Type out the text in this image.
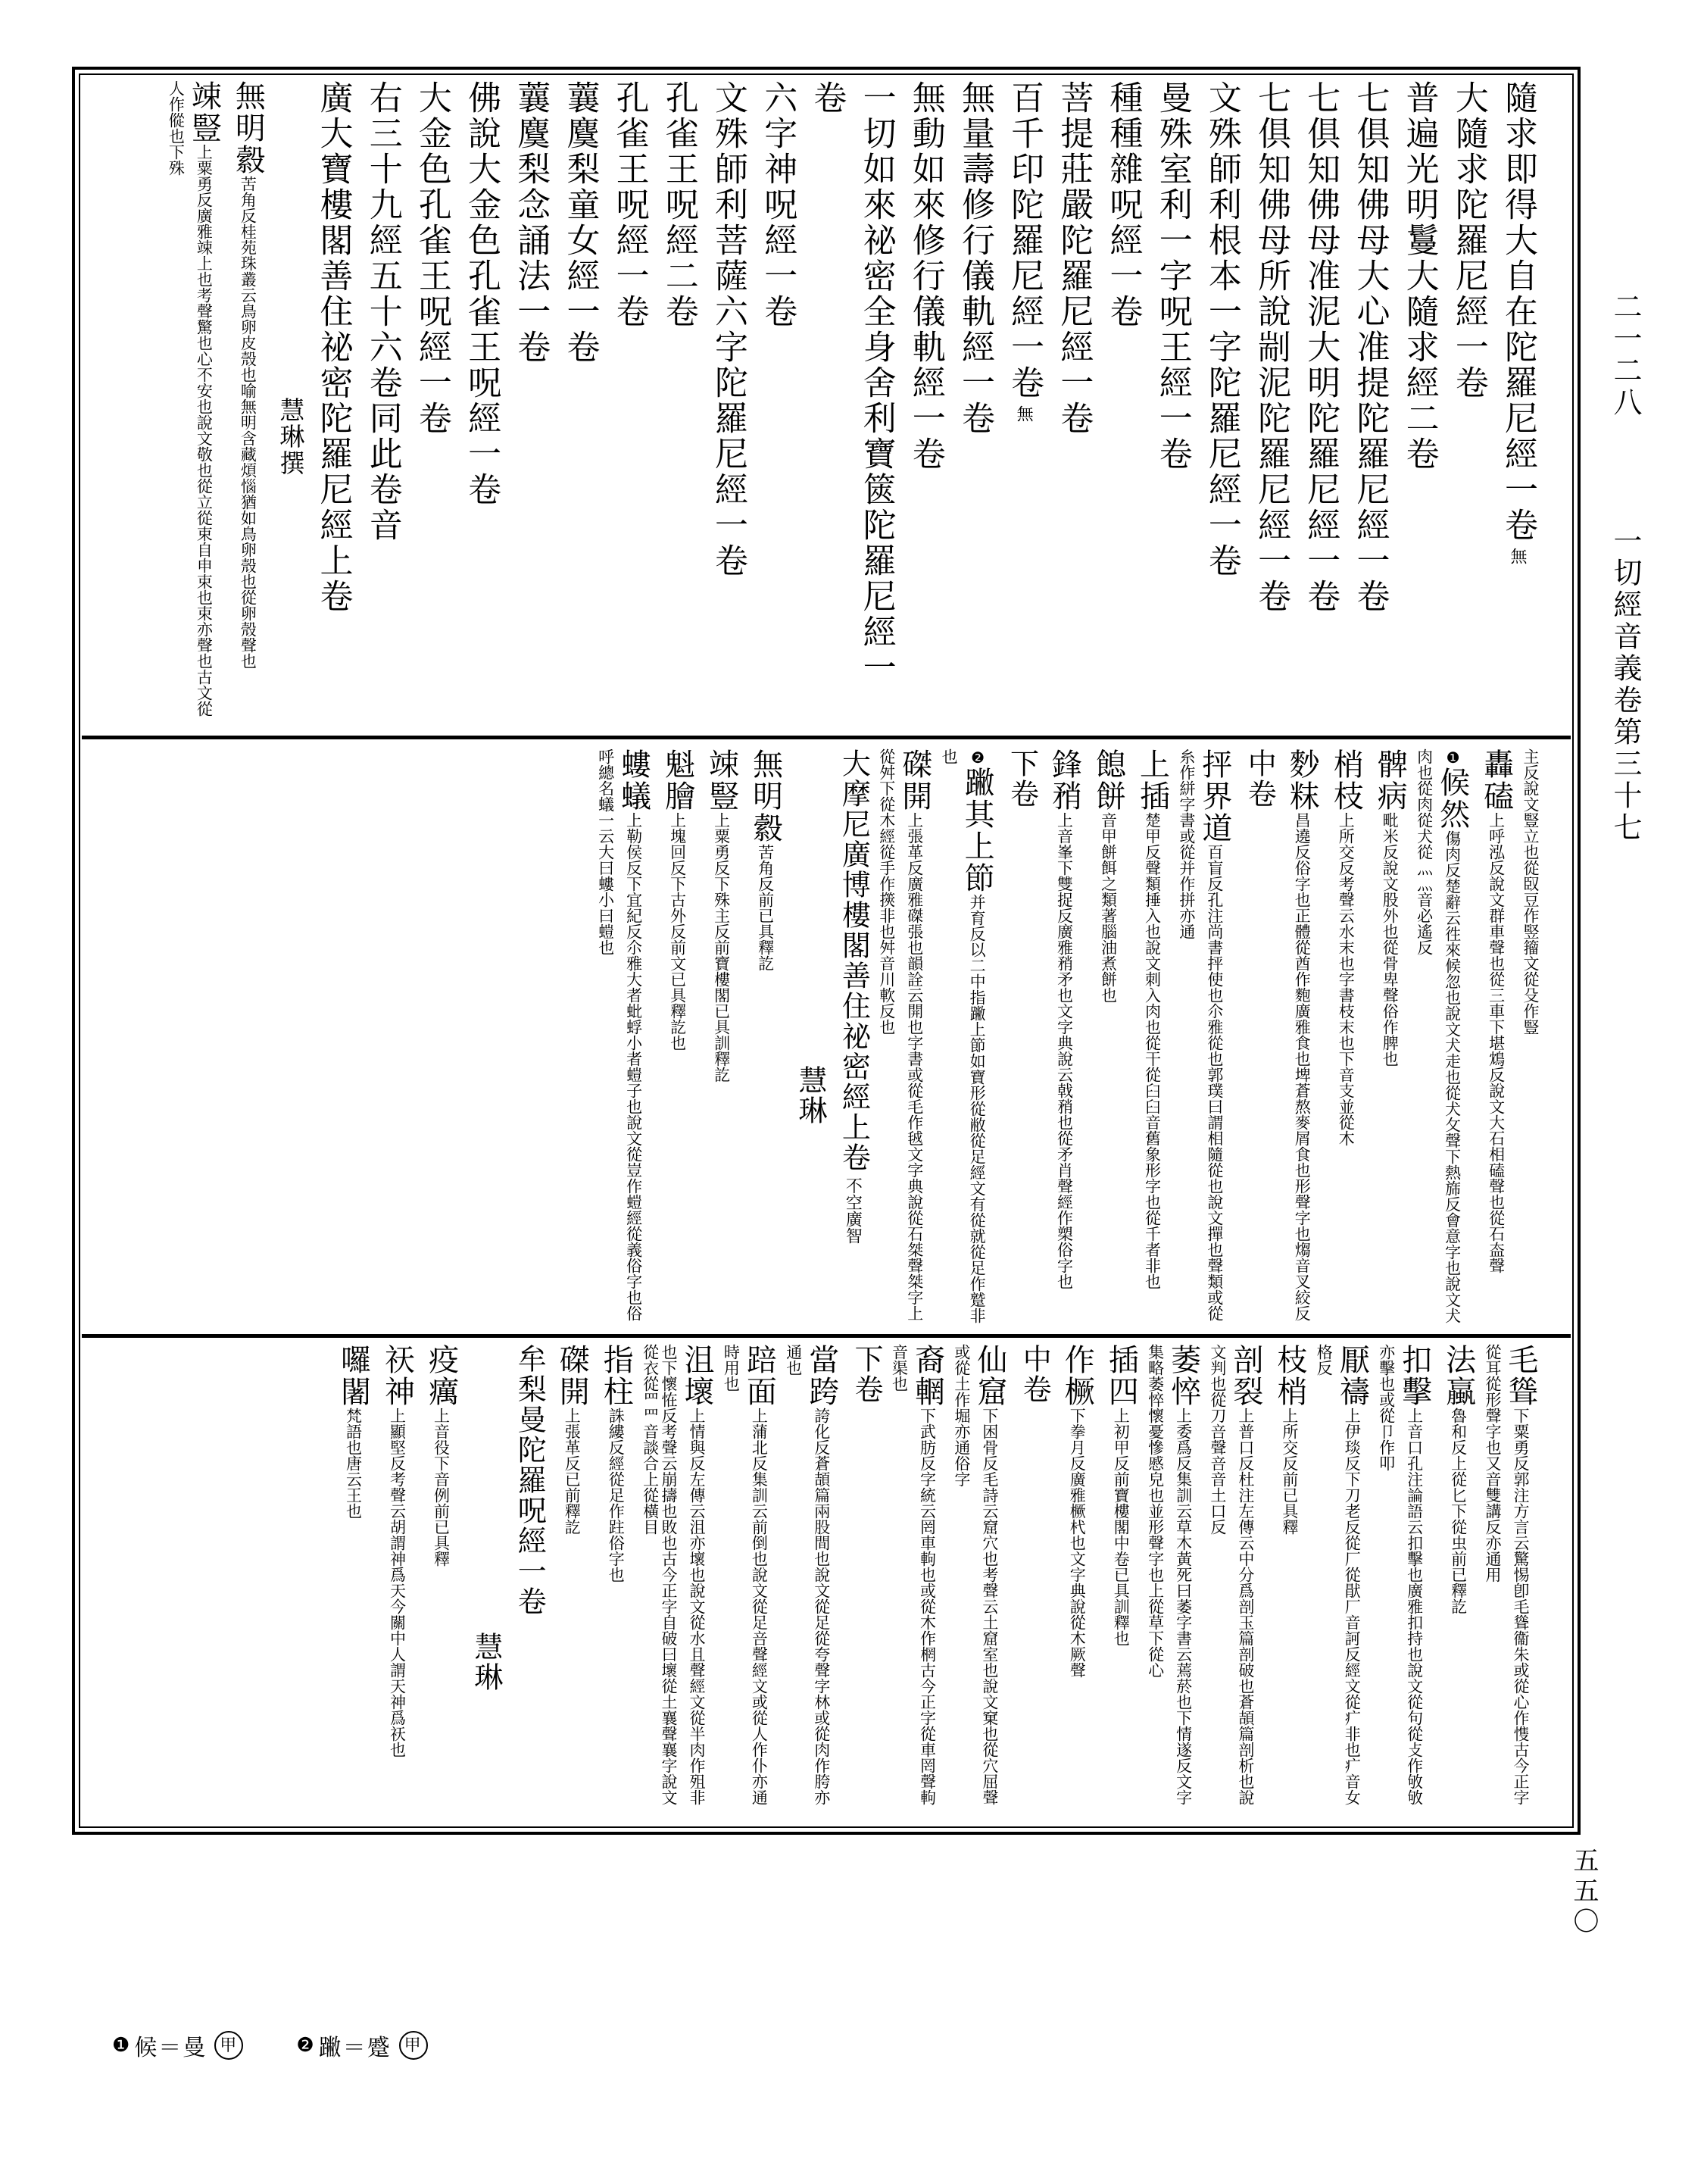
隨求即得大自在陀羅尼經一卷無
大隨求陀羅尼經一卷
普遍光明鬘大隨求經二卷
七俱知佛母大心准提陀羅尼經一卷
七俱知佛母准泥大明陀羅尼經一卷
七俱知佛母所說剬泥陀羅尼經一卷
文殊師利根本一字陀羅尼經一卷
曼殊室利一字呪王經一卷
種種雜呪經一卷
菩提莊嚴陀羅尼經一卷
百千印陀羅尼經一卷無
無量壽修行儀軌經一卷
無動如來修行儀軌經一卷
一切如來祕密全身舍利寶篋陀羅尼經一
卷
六字神呪經一卷
文殊師利菩薩六字陀羅尼經一卷
孔雀王呪經二卷
孔雀王呪經一卷
蘘麌梨童女經一卷
蘘麌梨念誦法一卷
佛說大金色孔雀王呪經一卷
大金色孔雀王呪經一卷
右三十九經五十六卷同此卷音
廣大寶樓閣善住祕密陀羅尼經上卷
慧琳撰
無明縠苦角反桂苑珠叢云鳥卵皮殼也喻無明含藏煩惱猶如鳥卵殼也從卵殼聲也
竦豎上粟勇反廣雅竦上也考聲驚也心不安也說文敬也從立從束自申束也束亦聲也古文從人作傱也下殊
主反說文豎立也從臤豆作竪籀文從殳作豎
轟磕上呼泓反說文群車聲也從三車下堪鴆反說文大石相磕聲也從石盇聲
❶候然傷肉反楚辭云徃來候忽也說文犬走也從犬攵聲下熱旆反會意字也說文犬肉也從肉從犬從灬灬音必遙反
髀病毗米反說文股外也從骨卑聲俗作脾也
梢枝上所交反考聲云水末也字書枝末也下音支並從木
麨粖昌遶反俗字也正體從酋作麭廣雅食也埤蒼熬麥屑食也形聲字也煼音叉絞反
中卷
抨界道百盲反孔注尚書抨使也尒雅從也郭璞曰謂相隨從也說文撣也聲類或從糸作絣字書或從并作拼亦通
上插楚甲反聲類捶入也說文刺入肉也從干從臼臼音舊象形字也從千者非也
䭒餅音甲餅餌之類著腦油煮餅也
鋒矟上音峯下雙捉反廣雅矟矛也文字典說云戟矟也從矛肖聲經作槊俗字也
下卷
❷䠥其上節并育反以二中指䠥上節如寶形從敝從足經文有從就從足作蹵非也
磔開上張革反廣雅磔張也韻詮云開也字書或從毛作㲓文字典說從石桀聲桀字上從舛下從木經從手作擌非也舛音川軟反也
大摩尼廣博樓閣善住祕密經上卷不空廣智
慧琳
無明縠苦角反前已具釋訖
竦豎上粟勇反下殊主反前寶樓閣已具訓釋訖
魁膾上塊回反下古外反前文已具釋訖也
螻蟻上勒侯反下宜紀反尒雅大者蚍蜉小者螘子也說文從豈作螘經從義俗字也俗呼總名蟻一云大曰螻小曰螘也
毛聳下粟勇反郭注方言云驚惕卽毛聳衞朱或從心作愯古今正字從耳從形聲字也又音雙講反亦通用
法蠃魯和反上從匕下從虫前已釋訖
扣擊上音口孔注論語云扣擊也廣雅扣持也說文從句從攴作敂敂亦擊也或從卩作叩
厭禱上伊琰反下刀老反從厂從猒厂音訶反經文從疒非也疒音女格反
枝梢上所交反前已具釋
剖裂上普口反杜注左傳云中分爲剖玉篇剖破也蒼頡篇剖析也說文判也從刀咅聲咅音土口反
萎悴上委爲反集訓云草木黃死曰萎字書云蔫菸也下情遂反文字集略萎悴懷憂慘慼皃也並形聲字也上從草下從心
插四上初甲反前寶樓閣中卷已具訓釋也
作橛下拳月反廣雅橛杙也文字典說從木厥聲
中卷
仙窟下困骨反毛詩云窟穴也考聲云土窟室也說文窠也從穴屈聲或從土作堀亦通俗字
裔輞下武肪反字統云罔車軥也或從木作棢古今正字從車罔聲軥音渠也
下卷
當跨誇化反蒼頡篇兩股間也說文從足從夸聲字林或從肉作胯亦通也
踣面上蒲北反集訓云前倒也說文從足咅聲經文或從人作仆亦通時用也
沮壞上情與反左傳云沮亦壞也說文從水且聲經文從半肉作殂非也下懷恠反考聲云崩擣也敗也古今正字自破曰壞從土襄聲襄字說文從衣從罒罒音談合上從橫目
指柱誅縷反經從足作跓俗字也
磔開上張革反已前釋訖
牟梨曼陀羅呪經一卷
慧琳
疫癘上音役下音例前已具釋
祆神上顯堅反考聲云胡謂神爲天今關中人謂天神爲祆也
囉闍梵語也唐云王也
二一二八 一切經音義卷第三十七
五五〇
❶ 候＝曼 甲	❷ 䠥＝蹙 甲
